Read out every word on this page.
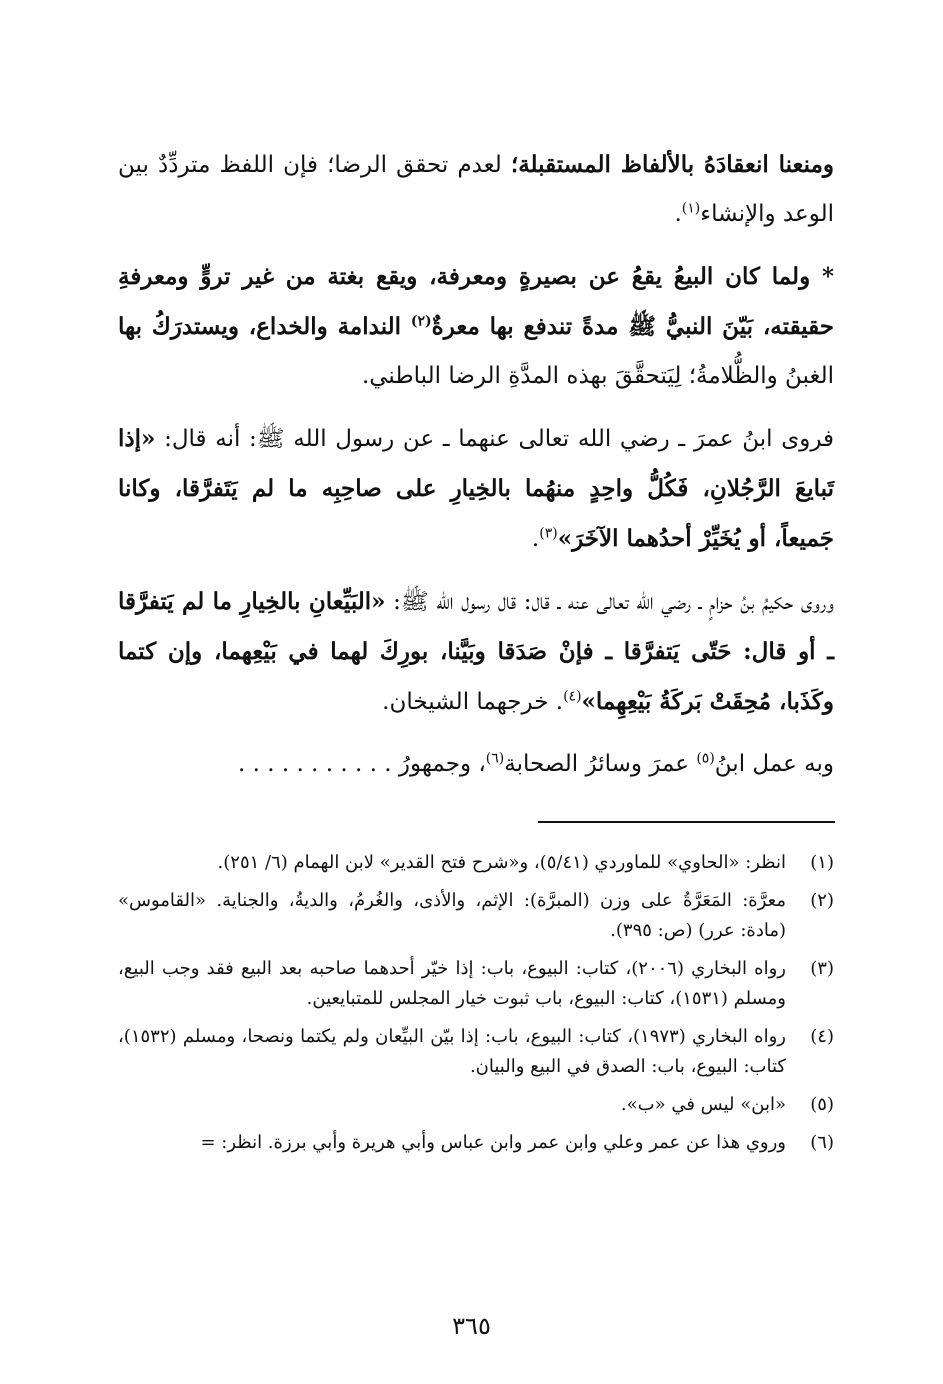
ومنعنا انعقادَهُ بالألفاظ المستقبلة؛ لعدم تحقق الرضا؛ فإن اللفظ متردِّدٌ بين الوعد والإنشاء$^{(١)}$.

* ولما كان البيعُ يقعُ عن بصيرةٍ ومعرفة، ويقع بغتة من غير تروٍّ ومعرفةِ حقيقته، بَيّنَ النبيُّ ﷺ مدةً تندفع بها معرةٌ$^{(٢)}$ الندامة والخداع، ويستدرَكُ بها الغبنُ والظُّلامةُ؛ لِيَتحقَّقَ بهذه المدَّةِ الرضا الباطني.

فروى ابنُ عمرَ ـ رضي الله تعالى عنهما ـ عن رسول الله ﷺ: أنه قال: «إذا تَبايعَ الرَّجُلانِ، فَكُلُّ واحِدٍ منهُما بالخِيارِ على صاحِبِه ما لم يَتَفرَّقا، وكانا جَميعاً، أو يُخَيِّرْ أحدُهما الآخَرَ»$^{(٣)}$.

وروى حكيمُ بنُ حزامٍ ـ رضي الله تعالى عنه ـ قال: قال رسول الله ﷺ: «البَيِّعانِ بالخِيارِ ما لم يَتفرَّقا ـ أو قال: حَتّى يَتفرَّقا ـ فإنْ صَدَقا وبَيَّنا، بورِكَ لهما في بَيْعِهما، وإن كتما وكَذَبا، مُحِقَتْ بَركَةُ بَيْعِهِما»$^{(٤)}$. خرجهما الشيخان.

وبه عمل ابنُ$^{(٥)}$ عمرَ وسائرُ الصحابة$^{(٦)}$، وجمهورُ . . . . . . . . . . .

(١)
انظر: «الحاوي» للماوردي (٥/٤١)، و«شرح فتح القدير» لابن الهمام (٦/ ٢٥١).
(٢)
معرَّة: المَعَرَّةُ على وزن (المبرَّة): الإثم، والأذى، والغُرمُ، والديةُ، والجناية. «القاموس» (مادة: عرر) (ص: ٣٩٥).
(٣)
رواه البخاري (٢٠٠٦)، كتاب: البيوع، باب: إذا خيّر أحدهما صاحبه بعد البيع فقد وجب البيع، ومسلم (١٥٣١)، كتاب: البيوع، باب ثبوت خيار المجلس للمتبايعين.
(٤)
رواه البخاري (١٩٧٣)، كتاب: البيوع، باب: إذا بيّن البيِّعان ولم يكتما ونصحا، ومسلم (١٥٣٢)، كتاب: البيوع، باب: الصدق في البيع والبيان.
(٥)
«ابن» ليس في «ب».
(٦)
وروي هذا عن عمر وعلي وابن عمر وابن عباس وأبي هريرة وأبي برزة. انظر: =
٣٦٥
